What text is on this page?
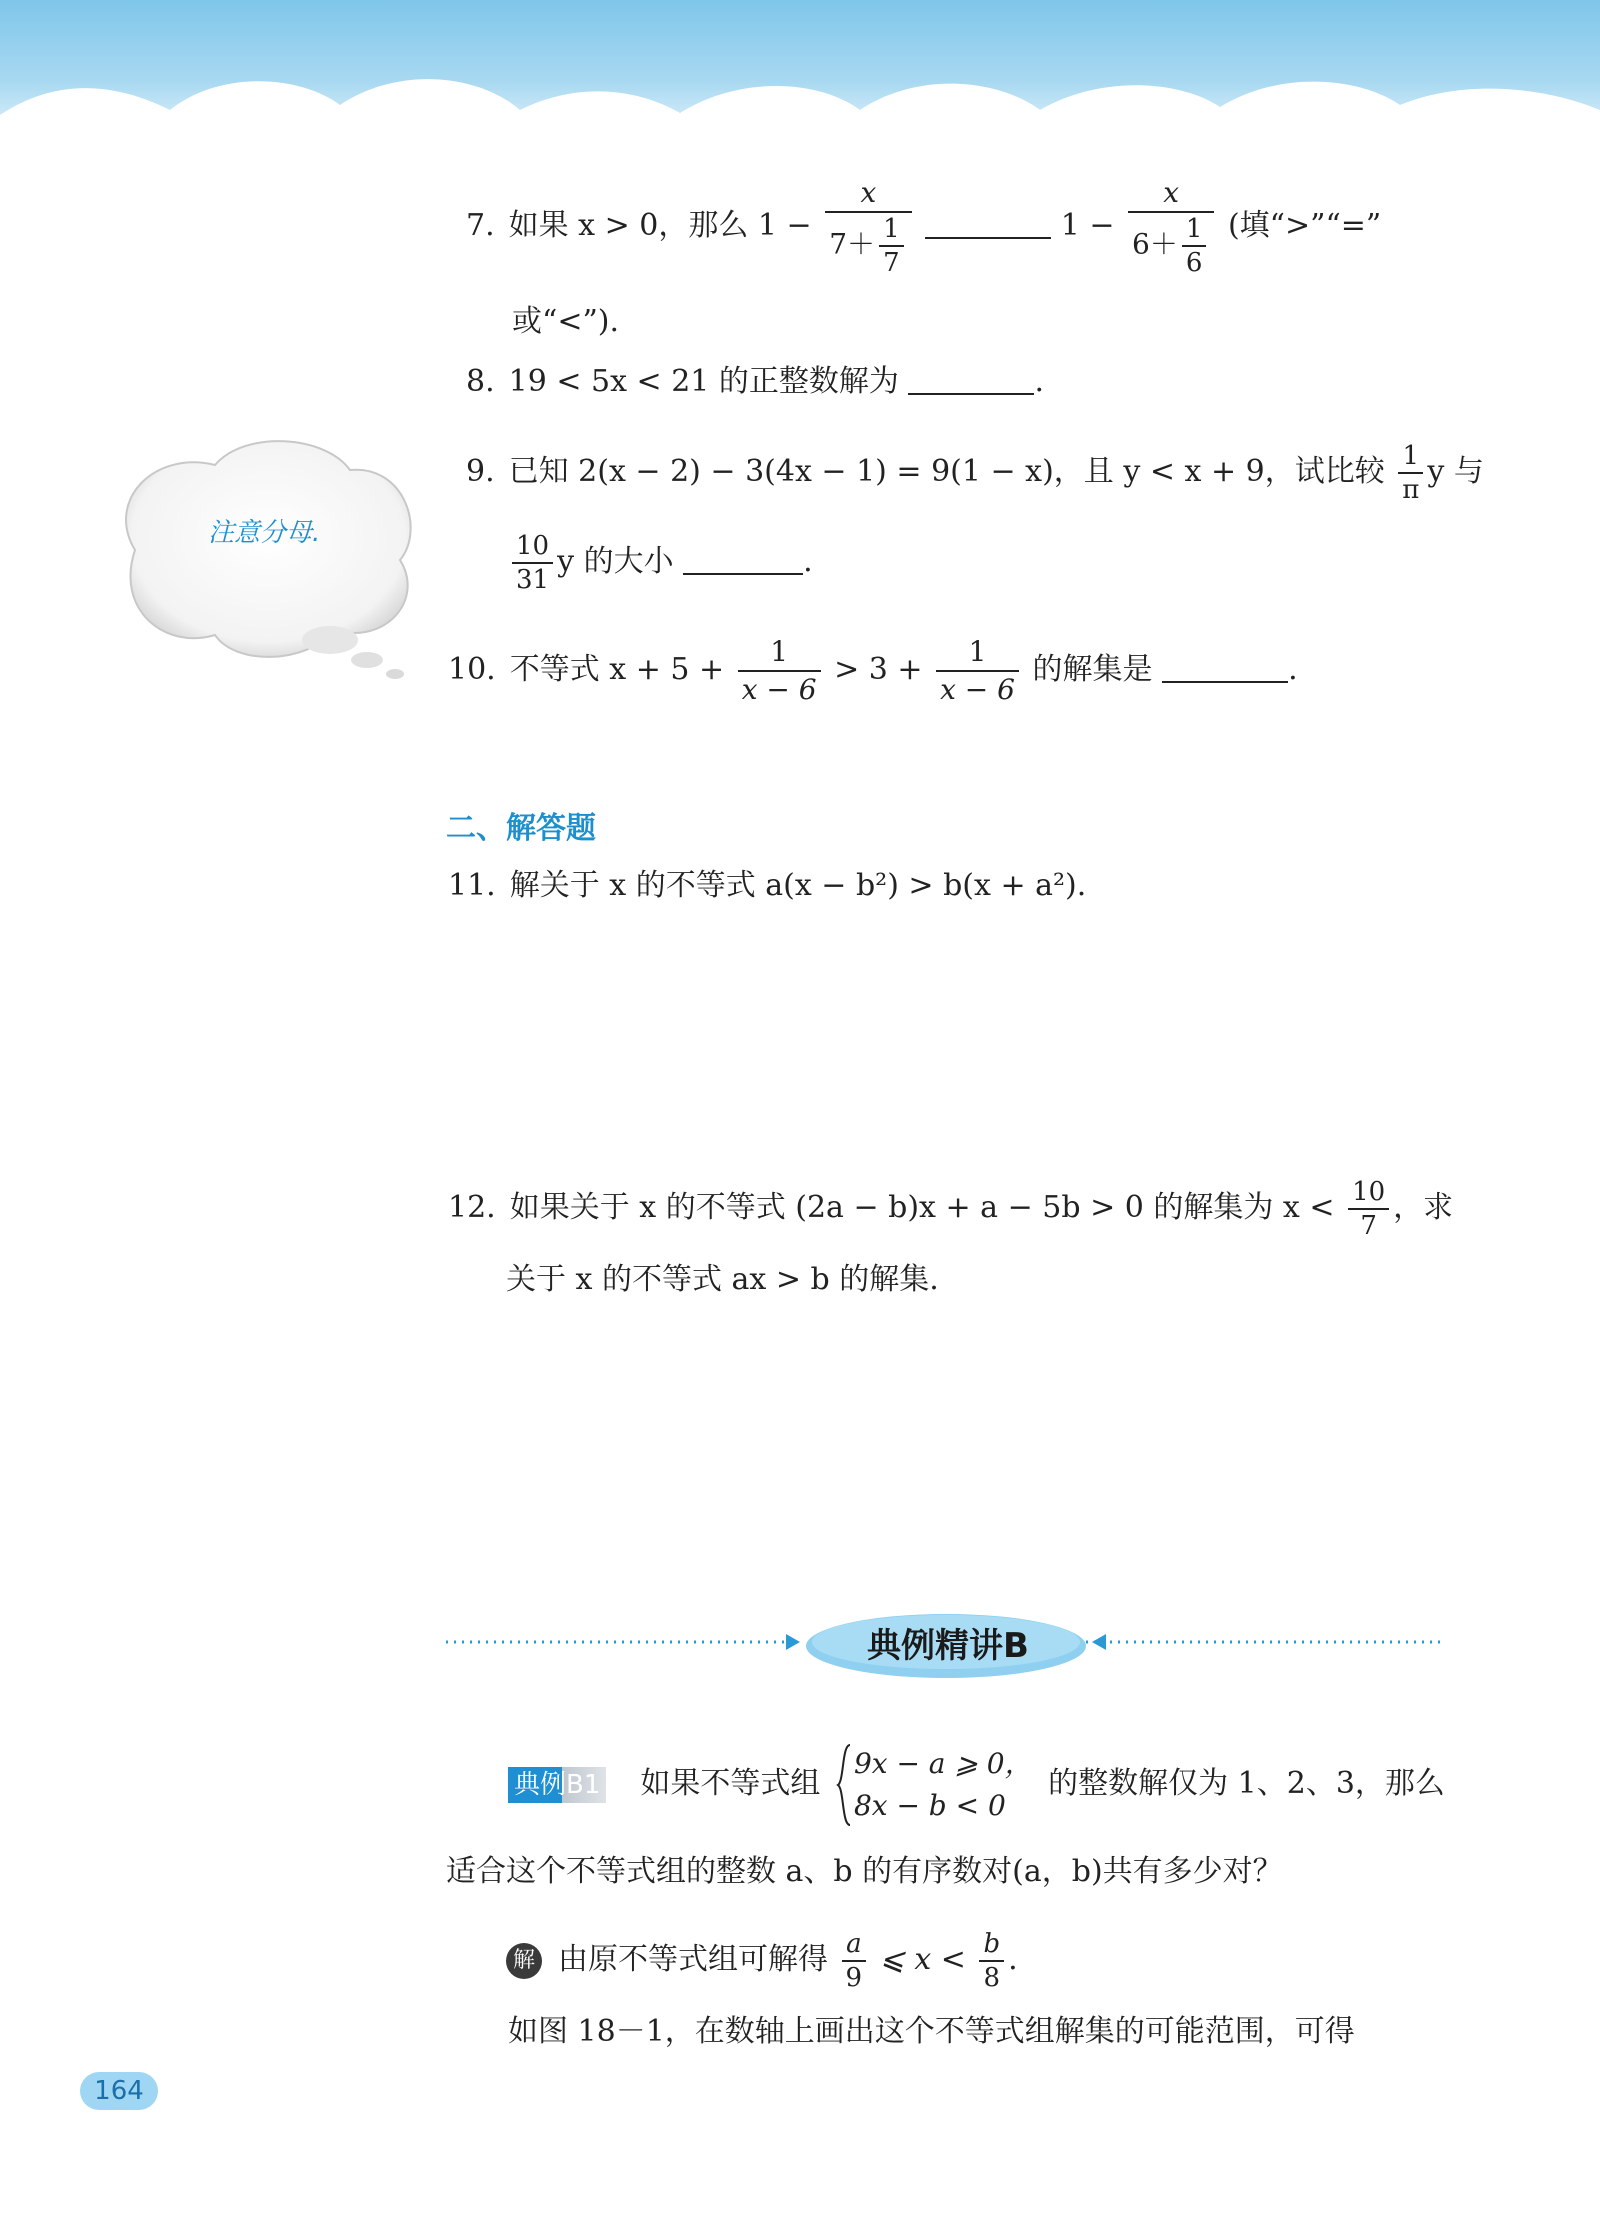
7. 如果 x > 0，那么 $1 - \frac{x}{7+ \frac{1}{7}}$	$1 - \frac{x}{6+ \frac{1}{6}}$ (填“>”“=”
或“<”).
8. 19 < 5x < 21 的正整数解为	.
9. 已知 2(x − 2) − 3(4x − 1) = 9(1 − x)，且 y < x + 9，试比较 $\frac{1}{\pi}$ y 与
$\frac{10}{31}$ y 的大小	.
10. 不等式 $x + 5 + \frac{1}{x - 6} > 3 + \frac{1}{x - 6}$ 的解集是	.
注意分母.
二、解答题
11. 解关于 x 的不等式 a(x − b²) > b(x + a²).
12. 如果关于 x 的不等式 (2a − b)x + a − 5b > 0 的解集为 $x < \frac{10}{7}$ ，求
关于 x 的不等式 ax > b 的解集.
典例精讲B
典例B1 如果不等式组
9x − a ⩾ 0，
8x − b < 0
的整数解仅为 1、2、3，那么
适合这个不等式组的整数 a、b 的有序数对(a，b)共有多少对？
解 由原不等式组可解得 $\frac{a}{9}$ ⩽ $x < \frac{b}{8}$ .
如图 18－1，在数轴上画出这个不等式组解集的可能范围，可得
164
